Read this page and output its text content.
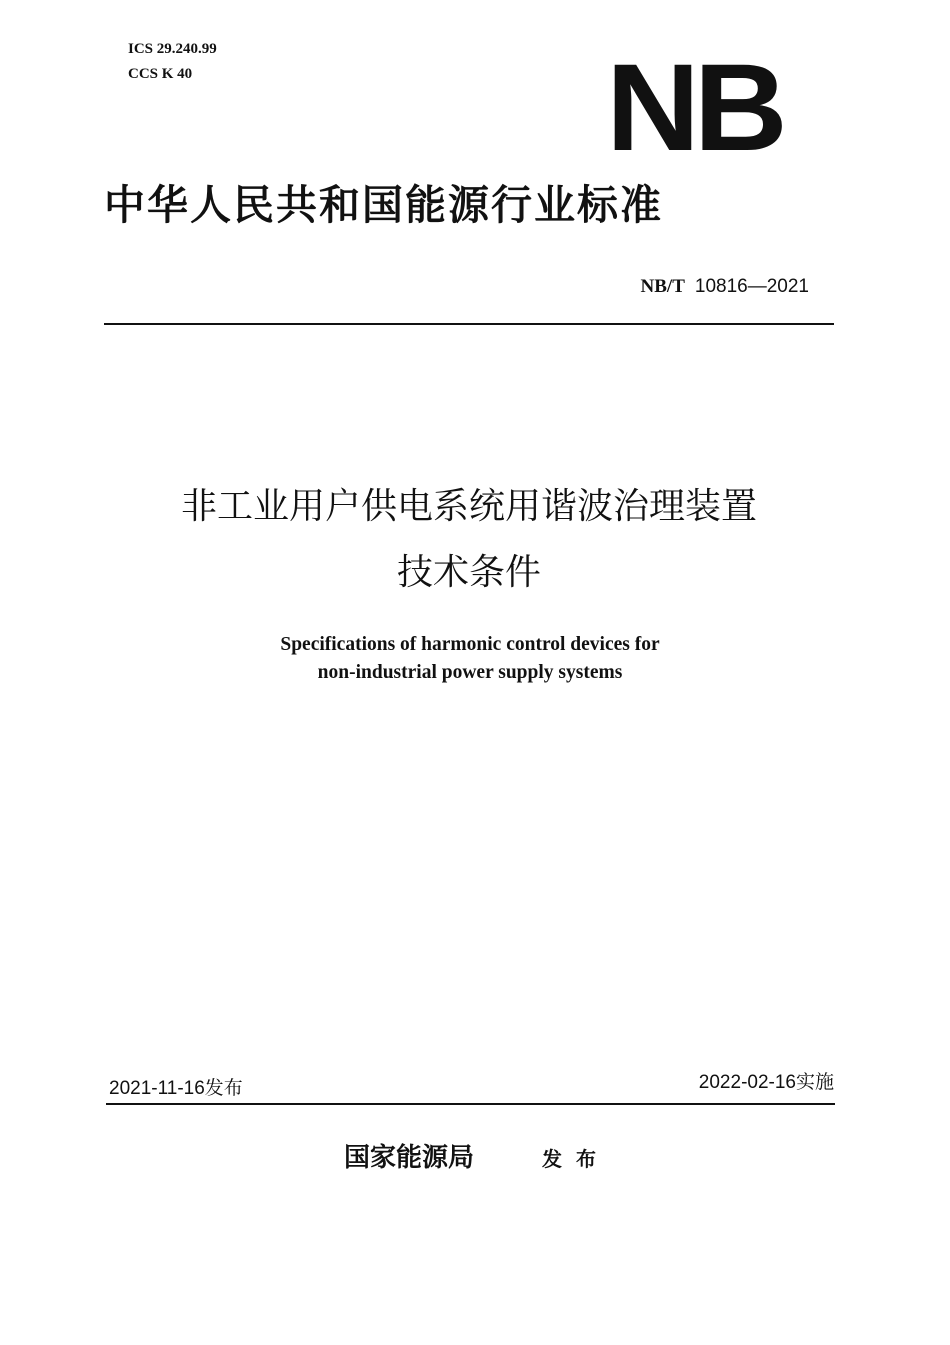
ICS 29.240.99
CCS K 40	NB
中华人民共和国能源行业标准
NB/T 10816—2021
非工业用户供电系统用谐波治理装置
技术条件
Specifications of harmonic control devices for
non-industrial power supply systems
2021-11-16发布	2022-02-16实施
国家能源局	发布
